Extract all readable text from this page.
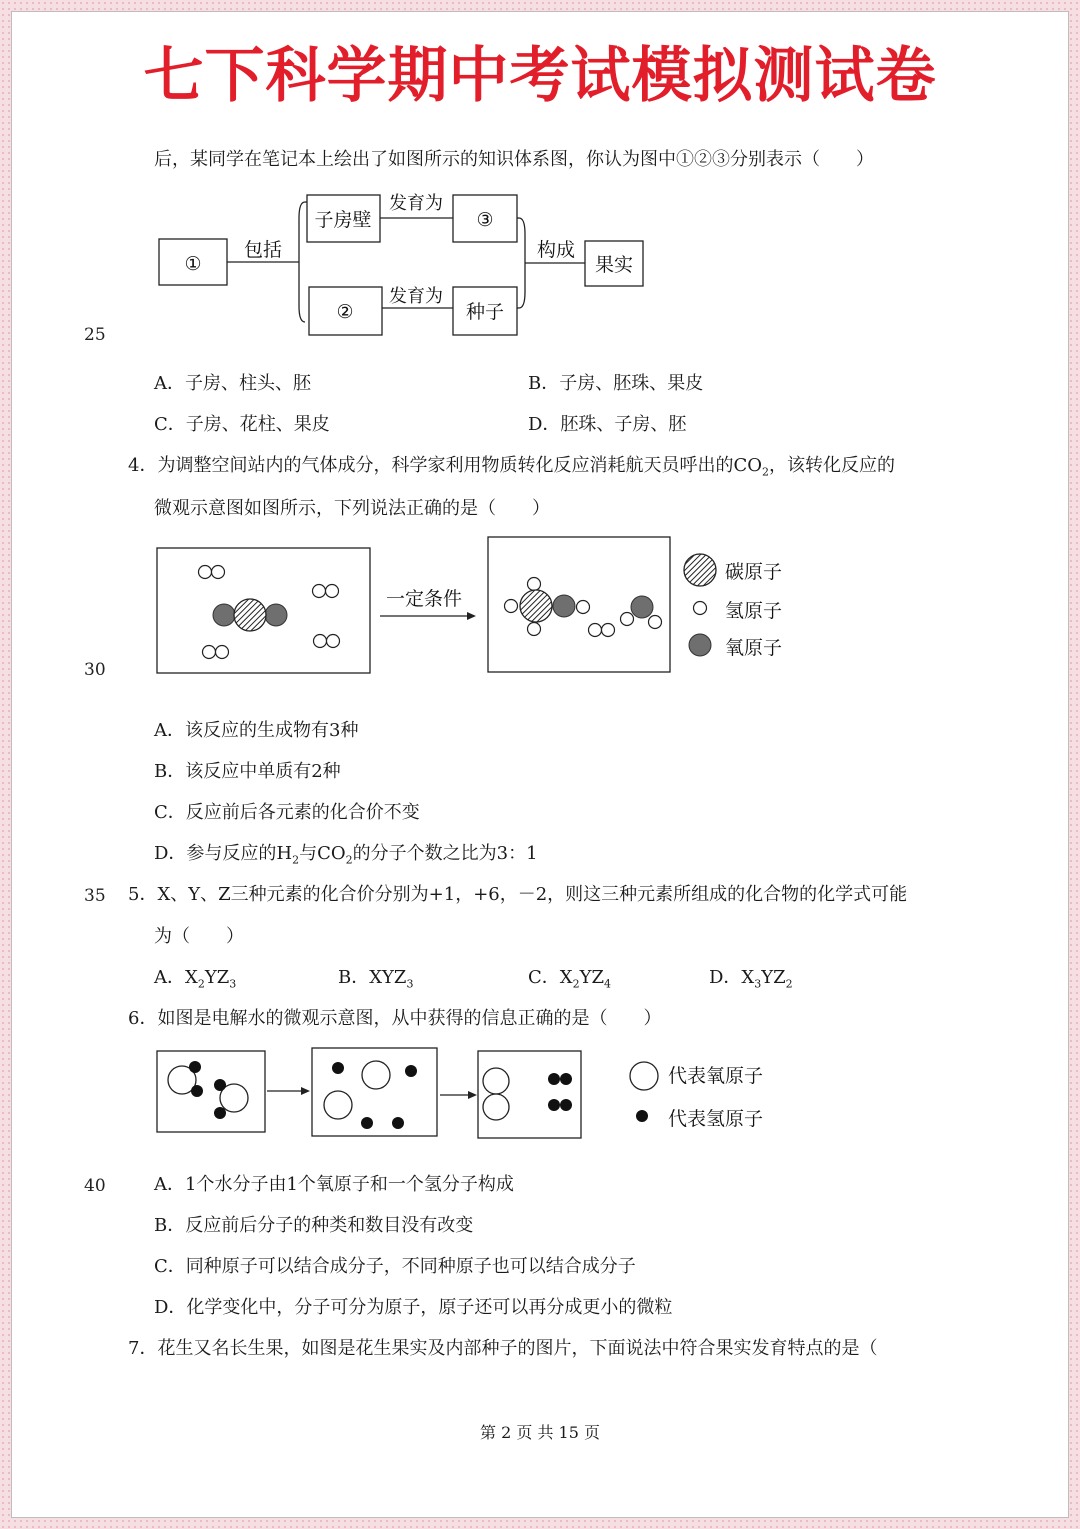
七下科学期中考试模拟测试卷
后，某同学在笔记本上绘出了如图所示的知识体系图，你认为图中①②③分别表示（　　）
①
包括
子房壁
发育为
③
②
发育为
种子
构成
果实
25
A．子房、柱头、胚	B．子房、胚珠、果皮
C．子房、花柱、果皮	D．胚珠、子房、胚
4．为调整空间站内的气体成分，科学家利用物质转化反应消耗航天员呼出的$CO_2$，该转化反应的
微观示意图如图所示，下列说法正确的是（　　）
一定条件
碳原子
氢原子
氧原子
30
A．该反应的生成物有3种
B．该反应中单质有2种
C．反应前后各元素的化合价不变
D．参与反应的$H_2$与$CO_2$的分子个数之比为3：1
35 5．X、Y、Z三种元素的化合价分别为+1，+6，－2，则这三种元素所组成的化合物的化学式可能
为（　　）
A．$X_2YZ_3$	B．$XYZ_3$	C．$X_2YZ_4$	D．$X_3YZ_2$
6．如图是电解水的微观示意图，从中获得的信息正确的是（　　）
代表氧原子
代表氢原子
40	A．1个水分子由1个氧原子和一个氢分子构成
B．反应前后分子的种类和数目没有改变
C．同种原子可以结合成分子，不同种原子也可以结合成分子
D．化学变化中，分子可分为原子，原子还可以再分成更小的微粒
7．花生又名长生果，如图是花生果实及内部种子的图片，下面说法中符合果实发育特点的是（
第 2 页 共 15 页
